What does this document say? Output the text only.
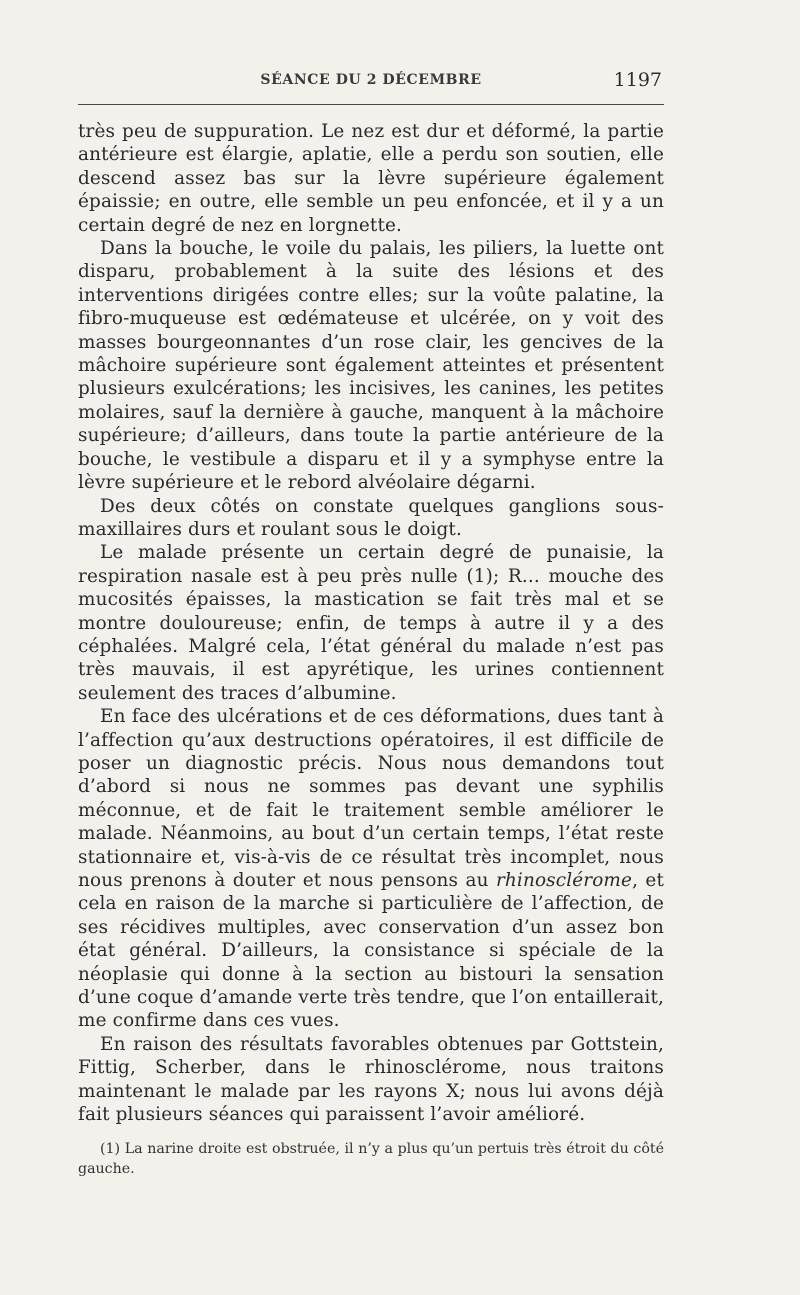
SÉANCE DU 2 DÉCEMBRE	1197

très peu de suppuration. Le nez est dur et déformé, la partie antérieure est élargie, aplatie, elle a perdu son soutien, elle descend assez bas sur la lèvre supérieure également épaissie; en outre, elle semble un peu enfoncée, et il y a un certain degré de nez en lorgnette.

Dans la bouche, le voile du palais, les piliers, la luette ont disparu, probablement à la suite des lésions et des interventions dirigées contre elles; sur la voûte palatine, la fibro-muqueuse est œdémateuse et ulcérée, on y voit des masses bourgeonnantes d’un rose clair, les gencives de la mâchoire supérieure sont également atteintes et présentent plusieurs exulcérations; les incisives, les canines, les petites molaires, sauf la dernière à gauche, manquent à la mâchoire supérieure; d’ailleurs, dans toute la partie antérieure de la bouche, le vestibule a disparu et il y a symphyse entre la lèvre supérieure et le rebord alvéolaire dégarni.

Des deux côtés on constate quelques ganglions sous-maxillaires durs et roulant sous le doigt.

Le malade présente un certain degré de punaisie, la respiration nasale est à peu près nulle (1); R... mouche des mucosités épaisses, la mastication se fait très mal et se montre douloureuse; enfin, de temps à autre il y a des céphalées. Malgré cela, l’état général du malade n’est pas très mauvais, il est apyrétique, les urines contiennent seulement des traces d’albumine.

En face des ulcérations et de ces déformations, dues tant à l’affection qu’aux destructions opératoires, il est difficile de poser un diagnostic précis. Nous nous demandons tout d’abord si nous ne sommes pas devant une syphilis méconnue, et de fait le traitement semble améliorer le malade. Néanmoins, au bout d’un certain temps, l’état reste stationnaire et, vis-à-vis de ce résultat très incomplet, nous nous prenons à douter et nous pensons au rhinosclérome, et cela en raison de la marche si particulière de l’affection, de ses récidives multiples, avec conservation d’un assez bon état général. D’ailleurs, la consistance si spéciale de la néoplasie qui donne à la section au bistouri la sensation d’une coque d’amande verte très tendre, que l’on entaillerait, me confirme dans ces vues.

En raison des résultats favorables obtenues par Gottstein, Fittig, Scherber, dans le rhinosclérome, nous traitons maintenant le malade par les rayons X; nous lui avons déjà fait plusieurs séances qui paraissent l’avoir amélioré.

(1) La narine droite est obstruée, il n’y a plus qu’un pertuis très étroit du côté gauche.
